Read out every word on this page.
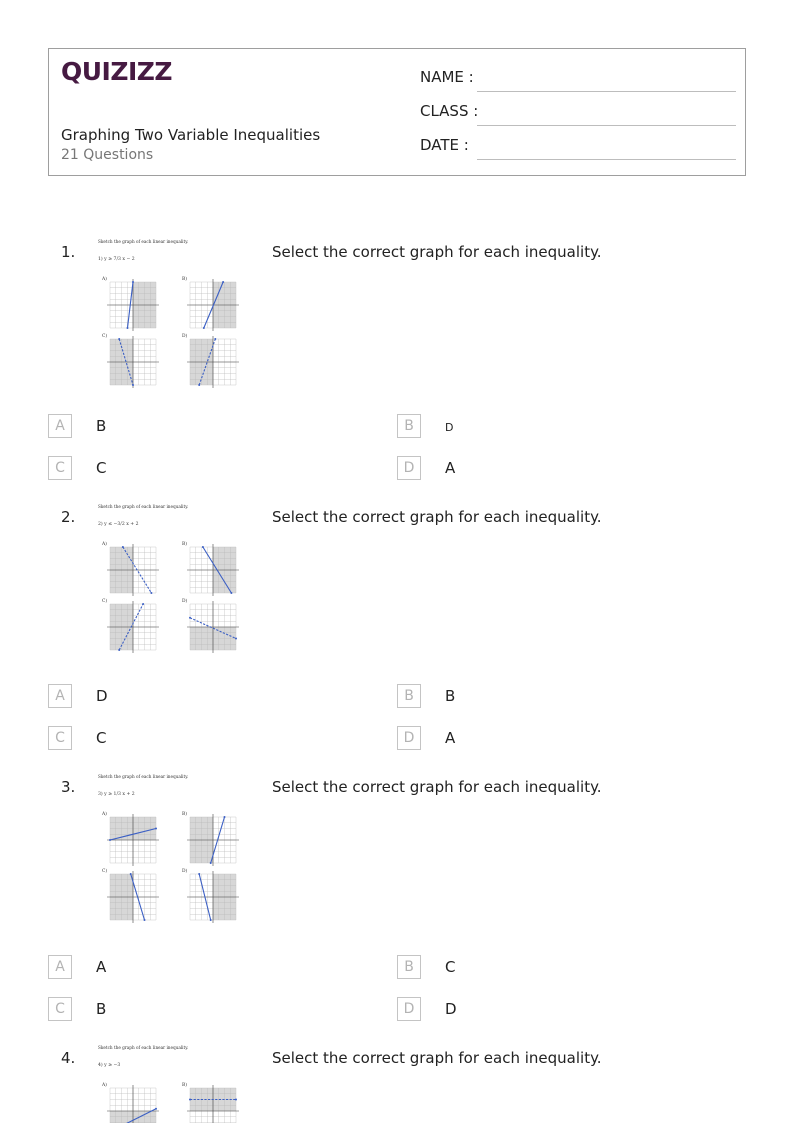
QUIZIZZ
Graphing Two Variable Inequalities
21 Questions
NAME :
CLASS :
DATE :
1.	Select the correct graph for each inequality.
Sketch the graph of each linear inequality.
1) y ≥ 7/3 x − 2
A)	B)
C)	D)
A	B	B	D
C	C	D	A
2.	Select the correct graph for each inequality.
Sketch the graph of each linear inequality.
2) y ≤ −3/2 x + 2
A)	B)
C)	D)
A	D	B	B
C	C	D	A
3.	Select the correct graph for each inequality.
Sketch the graph of each linear inequality.
3) y ≥ 1/3 x + 2
A)	B)
C)	D)
A	A	B	C
C	B	D	D
4.	Select the correct graph for each inequality.
Sketch the graph of each linear inequality.
4) y ≥ −3
A)	B)
